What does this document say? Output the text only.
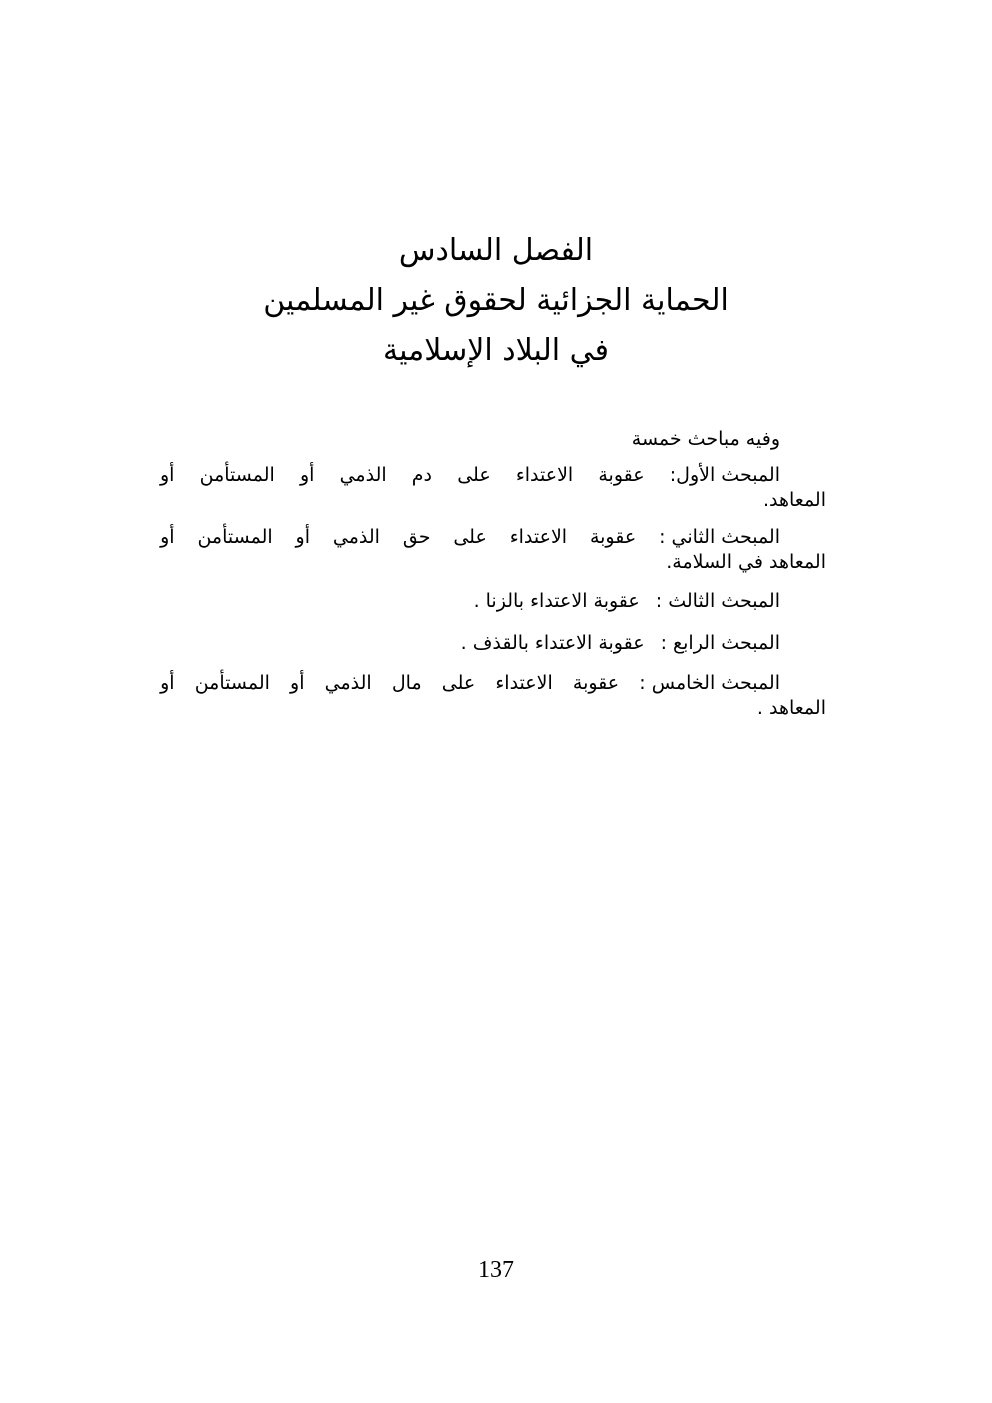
الفصل السادس
الحماية الجزائية لحقوق غير المسلمين
في البلاد الإسلامية
وفيه مباحث خمسة
المبحث الأول:
عقوبة
الاعتداء
على
دم
الذمي
أو
المستأمن
أو
المعاهد.
المبحث الثاني :
عقوبة
الاعتداء
على
حق
الذمي
أو
المستأمن
أو
المعاهد في السلامة.
المبحث الثالث :عقوبة الاعتداء بالزنا .
المبحث الرابع :عقوبة الاعتداء بالقذف .
المبحث الخامس :
عقوبة
الاعتداء
على
مال
الذمي
أو
المستأمن
أو
المعاهد .
137
